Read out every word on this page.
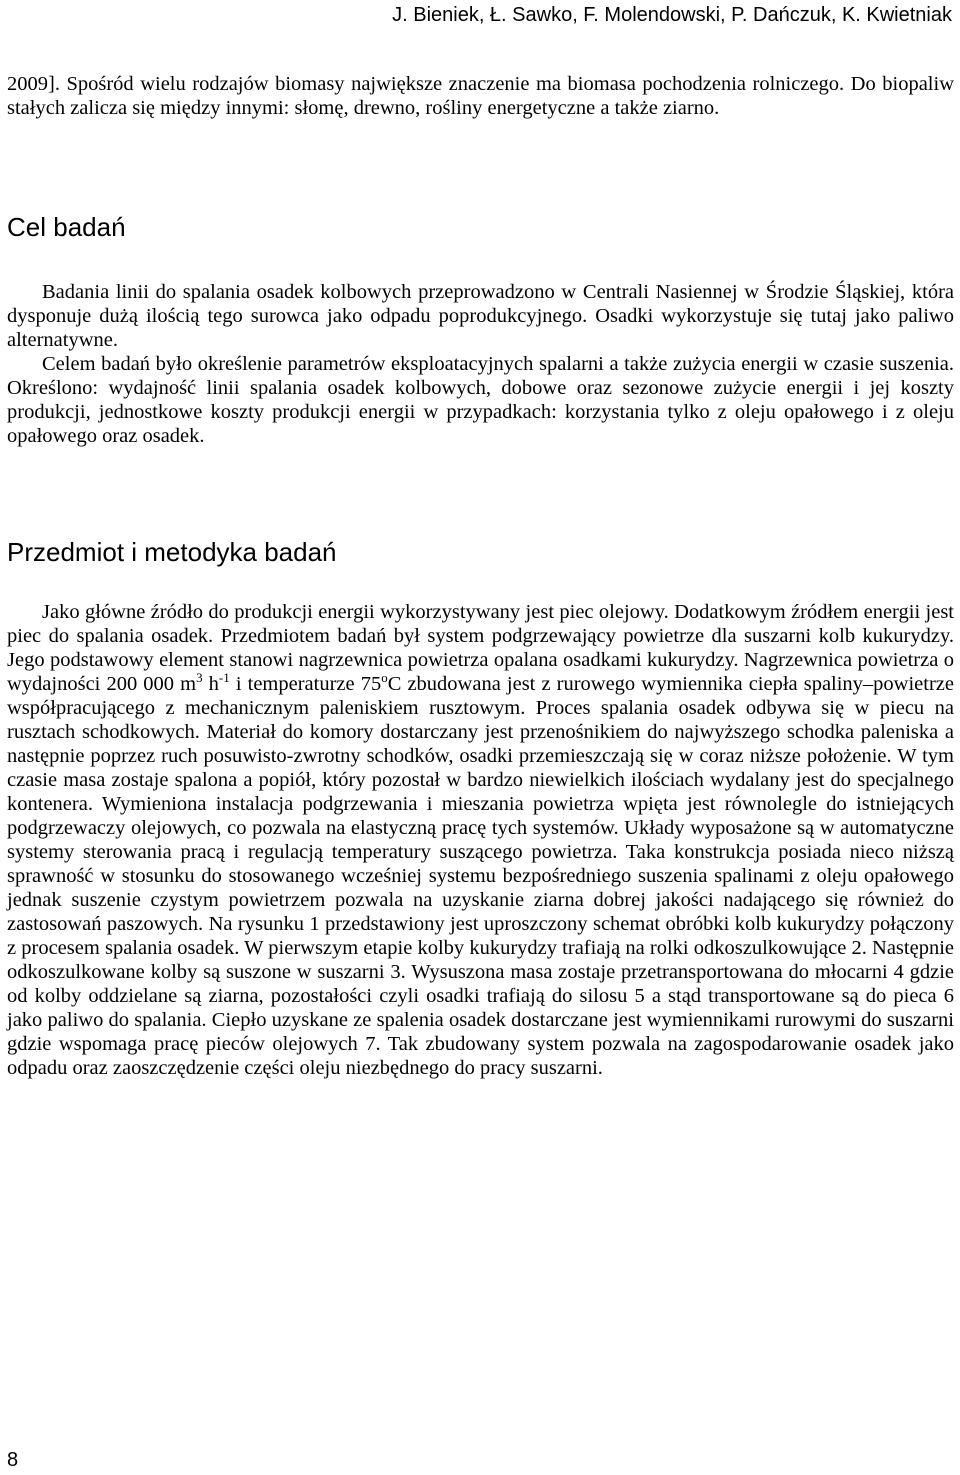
J. Bieniek, Ł. Sawko, F. Molendowski, P. Dańczuk, K. Kwietniak

2009]. Spośród wielu rodzajów biomasy największe znaczenie ma biomasa pochodzenia rolniczego. Do biopaliw stałych zalicza się między innymi: słomę, drewno, rośliny energetyczne a także ziarno.

Cel badań

Badania linii do spalania osadek kolbowych przeprowadzono w Centrali Nasiennej w Środzie Śląskiej, która dysponuje dużą ilością tego surowca jako odpadu poprodukcyjnego. Osadki wykorzystuje się tutaj jako paliwo alternatywne.

Celem badań było określenie parametrów eksploatacyjnych spalarni a także zużycia energii w czasie suszenia. Określono: wydajność linii spalania osadek kolbowych, dobowe oraz sezonowe zużycie energii i jej koszty produkcji, jednostkowe koszty produkcji energii w przypadkach: korzystania tylko z oleju opałowego i z oleju opałowego oraz osadek.

Przedmiot i metodyka badań

Jako główne źródło do produkcji energii wykorzystywany jest piec olejowy. Dodatkowym źródłem energii jest piec do spalania osadek. Przedmiotem badań był system podgrzewający powietrze dla suszarni kolb kukurydzy. Jego podstawowy element stanowi nagrzewnica powietrza opalana osadkami kukurydzy. Nagrzewnica powietrza o wydajności 200 000 $m^3$ $h^{-1}$ i temperaturze 75$^o$C zbudowana jest z rurowego wymiennika ciepła spaliny–powietrze współpracującego z mechanicznym paleniskiem rusztowym. Proces spalania osadek odbywa się w piecu na rusztach schodkowych. Materiał do komory dostarczany jest przenośnikiem do najwyższego schodka paleniska a następnie poprzez ruch posuwisto-zwrotny schodków, osadki przemieszczają się w coraz niższe położenie. W tym czasie masa zostaje spalona a popiół, który pozostał w bardzo niewielkich ilościach wydalany jest do specjalnego kontenera. Wymieniona instalacja podgrzewania i mieszania powietrza wpięta jest równolegle do istniejących podgrzewaczy olejowych, co pozwala na elastyczną pracę tych systemów. Układy wyposażone są w automatyczne systemy sterowania pracą i regulacją temperatury suszącego powietrza. Taka konstrukcja posiada nieco niższą sprawność w stosunku do stosowanego wcześniej systemu bezpośredniego suszenia spalinami z oleju opałowego jednak suszenie czystym powietrzem pozwala na uzyskanie ziarna dobrej jakości nadającego się również do zastosowań paszowych. Na rysunku 1 przedstawiony jest uproszczony schemat obróbki kolb kukurydzy połączony z procesem spalania osadek. W pierwszym etapie kolby kukurydzy trafiają na rolki odkoszulkowujące 2. Następnie odkoszulkowane kolby są suszone w suszarni 3. Wysuszona masa zostaje przetransportowana do młocarni 4 gdzie od kolby oddzielane są ziarna, pozostałości czyli osadki trafiają do silosu 5 a stąd transportowane są do pieca 6 jako paliwo do spalania. Ciepło uzyskane ze spalenia osadek dostarczane jest wymiennikami rurowymi do suszarni gdzie wspomaga pracę pieców olejowych 7. Tak zbudowany system pozwala na zagospodarowanie osadek jako odpadu oraz zaoszczędzenie części oleju niezbędnego do pracy suszarni.

8
